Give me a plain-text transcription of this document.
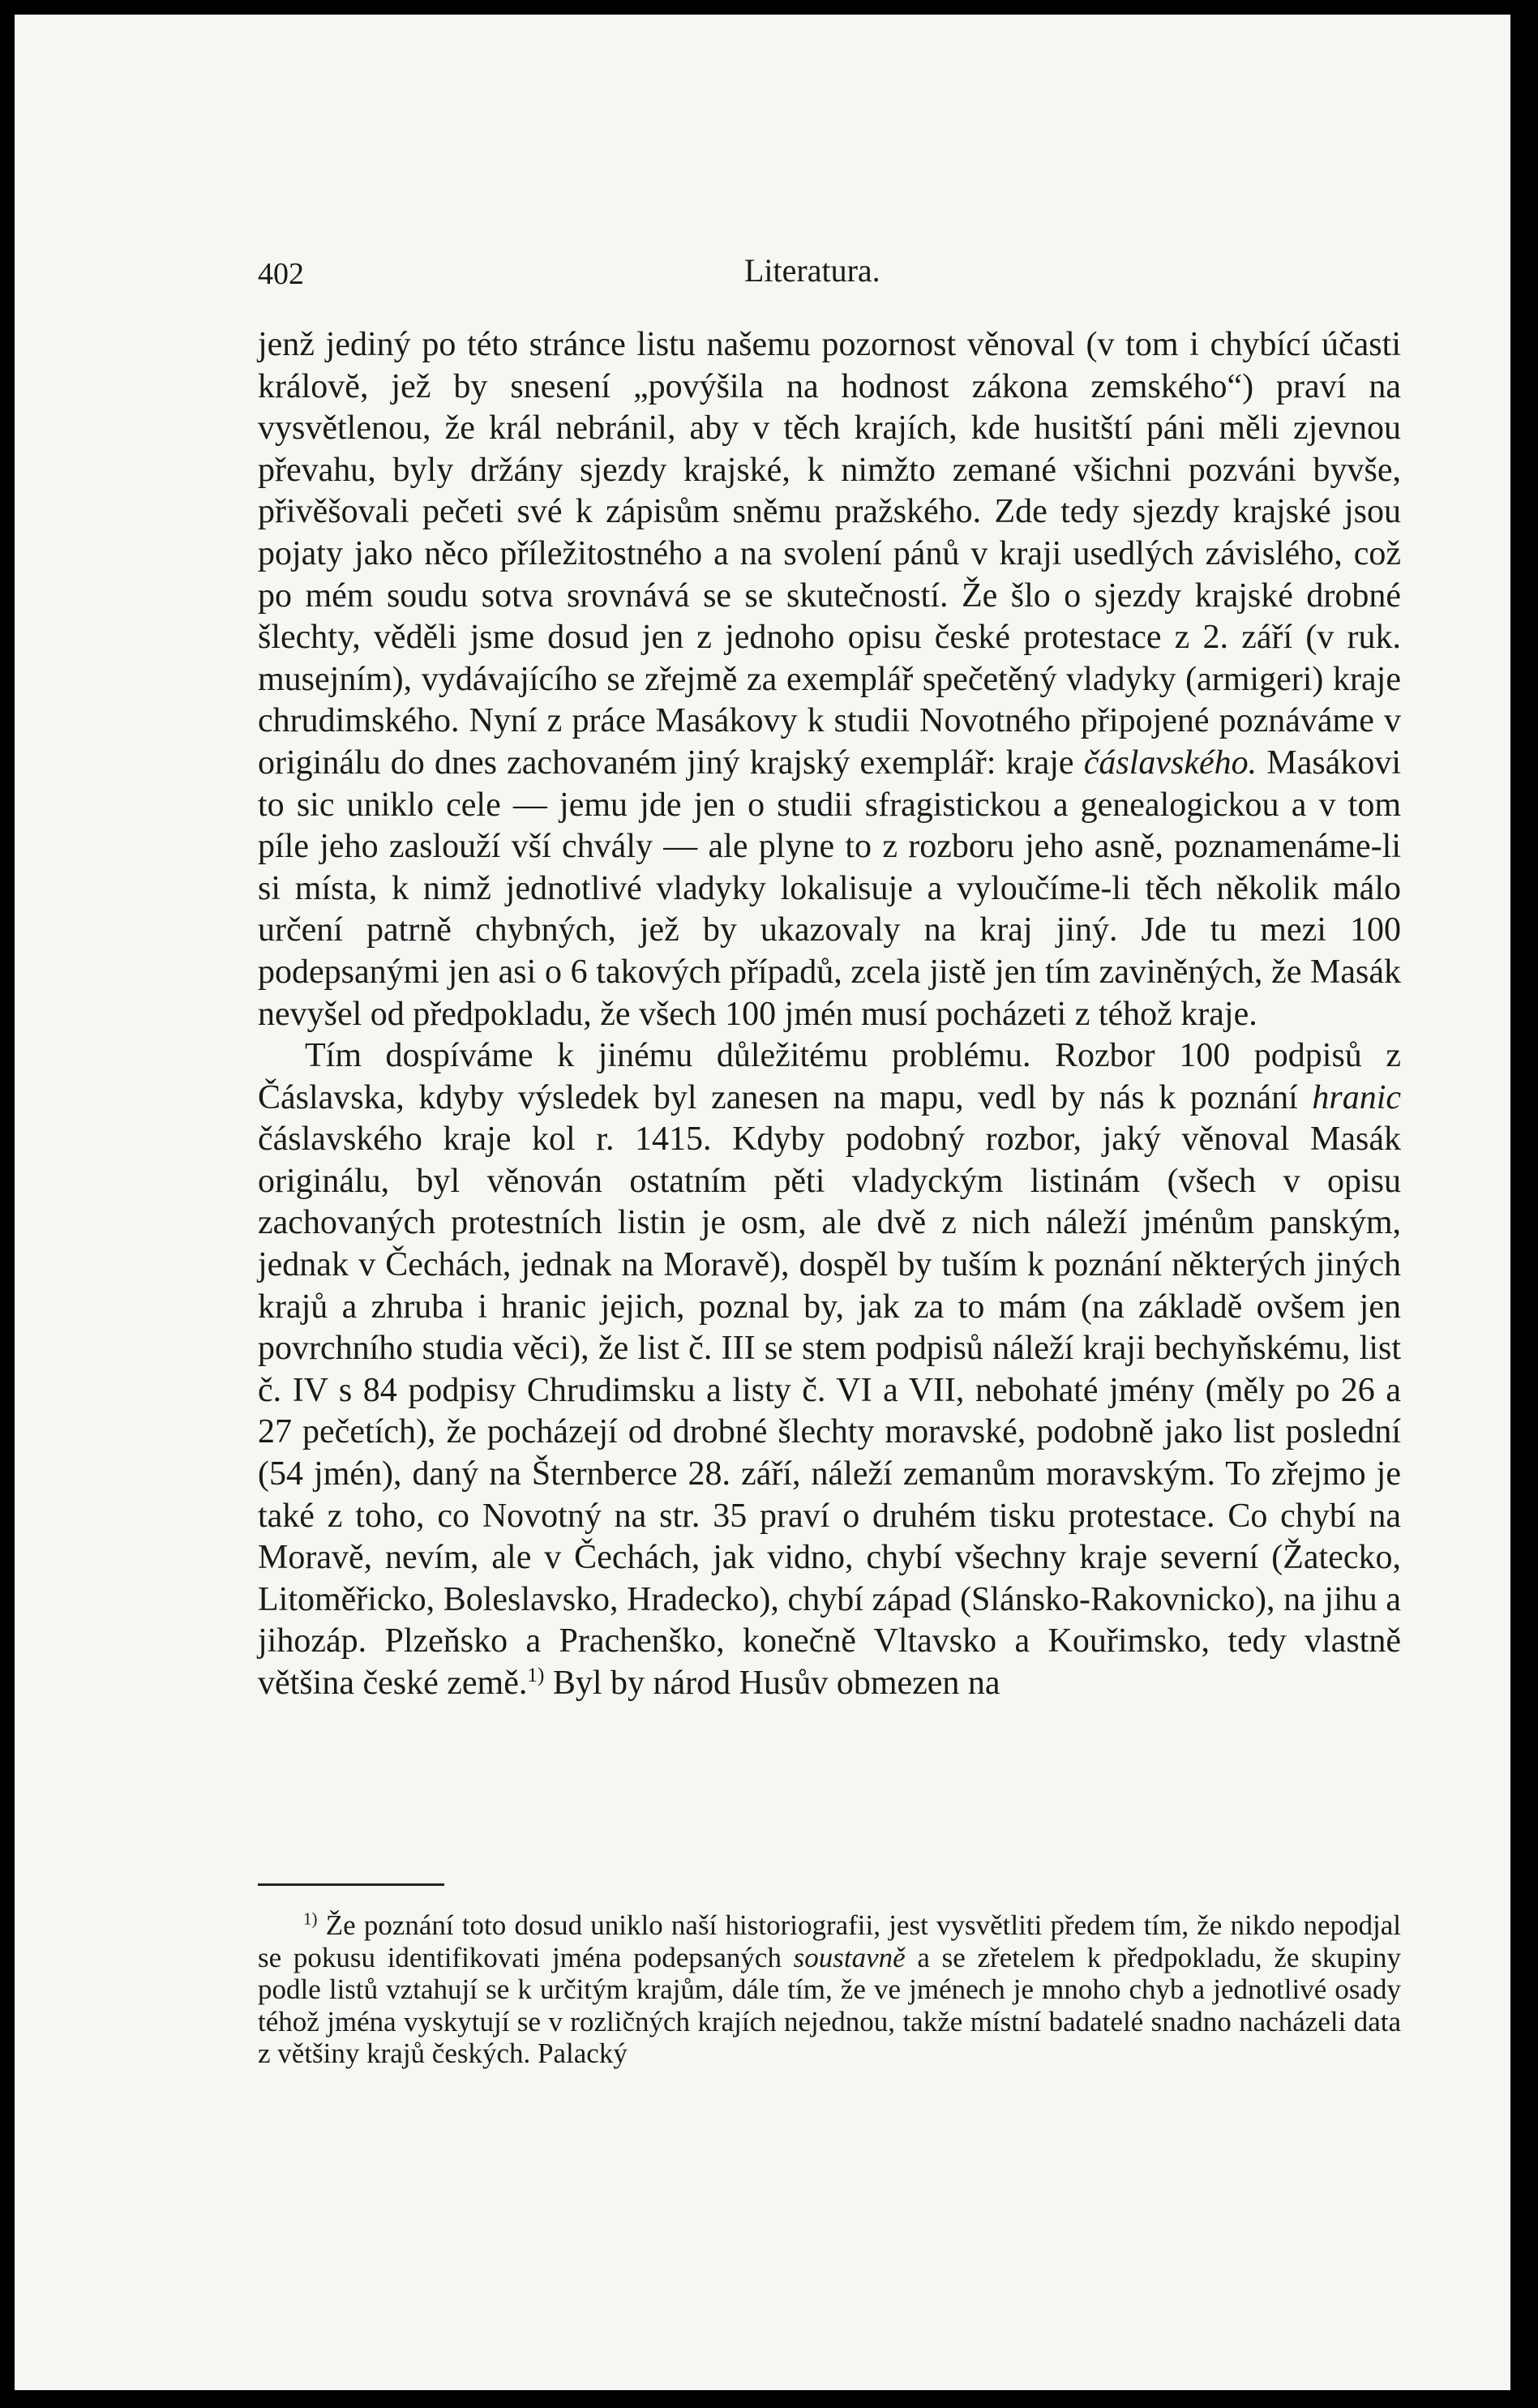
402	Literatura.

jenž jediný po této stránce listu našemu pozornost věnoval (v tom i chybící účasti královĕ, jež by snesení „povýšila na hodnost zákona zemského“) praví na vysvětlenou, že král nebránil, aby v těch krajích, kde husitští páni měli zjevnou převahu, byly držány sjezdy krajské, k nimžto zemané všichni pozváni byvše, přivěšovali pečeti své k zápisům sněmu pražského. Zde tedy sjezdy krajské jsou pojaty jako něco příležitostného a na svolení pánů v kraji usedlých závislého, což po mém soudu sotva srovnává se se skutečností. Že šlo o sjezdy krajské drobné šlechty, věděli jsme dosud jen z jednoho opisu české protestace z 2. září (v ruk. musejním), vydávajícího se zřejmě za exemplář spečetěný vladyky (armigeri) kraje chrudimského. Nyní z práce Masákovy k studii Novotného připojené poznáváme v originálu do dnes zachovaném jiný krajský exemplář: kraje čáslavského. Masákovi to sic uniklo cele — jemu jde jen o studii sfragistickou a genealogickou a v tom píle jeho zaslouží vší chvály — ale plyne to z rozboru jeho asně, poznamenáme-li si místa, k nimž jednotlivé vladyky lokalisuje a vyloučíme-li těch několik málo určení patrně chybných, jež by ukazovaly na kraj jiný. Jde tu mezi 100 podepsanými jen asi o 6 takových případů, zcela jistě jen tím zaviněných, že Masák nevyšel od předpokladu, že všech 100 jmén musí pocházeti z téhož kraje.

Tím dospíváme k jinému důležitému problému. Rozbor 100 podpisů z Čáslavska, kdyby výsledek byl zanesen na mapu, vedl by nás k poznání hranic čáslavského kraje kol r. 1415. Kdyby podobný rozbor, jaký věnoval Masák originálu, byl věnován ostatním pěti vladyckým listinám (všech v opisu zachovaných protestních listin je osm, ale dvě z nich náleží jménům panským, jednak v Čechách, jednak na Moravě), dospěl by tuším k poznání některých jiných krajů a zhruba i hranic jejich, poznal by, jak za to mám (na základě ovšem jen povrchního studia věci), že list č. III se stem podpisů náleží kraji bechyňskému, list č. IV s 84 podpisy Chrudimsku a listy č. VI a VII, nebohaté jmény (měly po 26 a 27 pečetích), že pocházejí od drobné šlechty moravské, podobně jako list poslední (54 jmén), daný na Šternberce 28. září, náleží zemanům moravským. To zřejmo je také z toho, co Novotný na str. 35 praví o druhém tisku protestace. Co chybí na Moravě, nevím, ale v Čechách, jak vidno, chybí všechny kraje severní (Žatecko, Litoměřicko, Boleslavsko, Hradecko), chybí západ (Slánsko-Rakovnicko), na jihu a jihozáp. Plzeňsko a Prachenško, konečně Vltavsko a Kouřimsko, tedy vlastně většina české země.$^{1)}$ Byl by národ Husův obmezen na

$^{1)}$ Že poznání toto dosud uniklo naší historiografii, jest vysvětliti předem tím, že nikdo nepodjal se pokusu identifikovati jména podepsaných soustavně a se zřetelem k předpokladu, že skupiny podle listů vztahují se k určitým krajům, dále tím, že ve jménech je mnoho chyb a jednotlivé osady téhož jména vyskytují se v rozličných krajích nejednou, takže místní badatelé snadno nacházeli data z většiny krajů českých. Palacký
